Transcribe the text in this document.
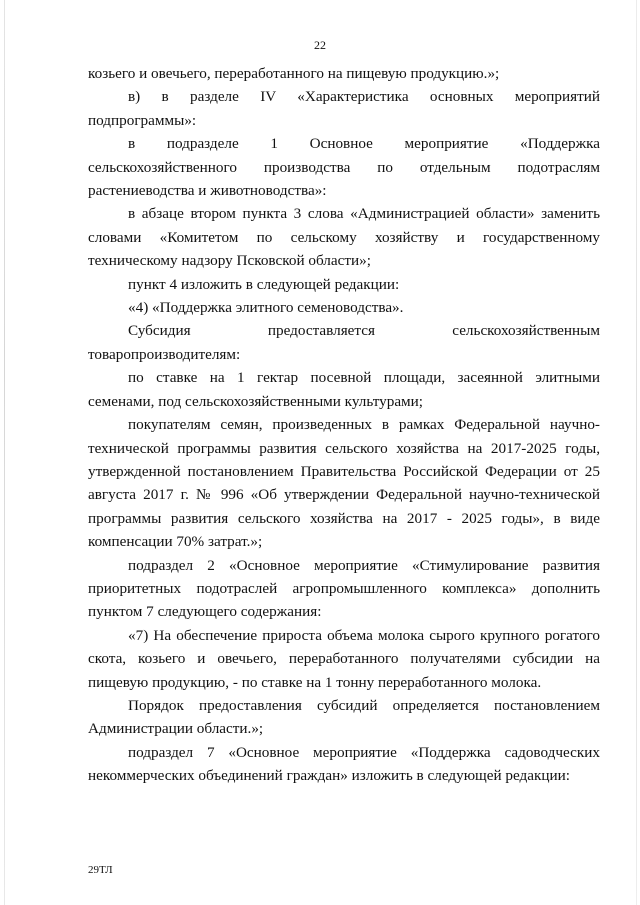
22

козьего и овечьего, переработанного на пищевую продукцию.»;

в) в разделе IV «Характеристика основных мероприятий подпрограммы»:

в подразделе 1 Основное мероприятие «Поддержка сельскохозяйственного производства по отдельным подотраслям растениеводства и животноводства»:

в абзаце втором пункта 3 слова «Администрацией области» заменить словами «Комитетом по сельскому хозяйству и государственному техническому надзору Псковской области»;

пункт 4 изложить в следующей редакции:

«4) «Поддержка элитного семеноводства».

Субсидия предоставляется сельскохозяйственным товаропроизводителям:

по ставке на 1 гектар посевной площади, засеянной элитными семенами, под сельскохозяйственными культурами;

покупателям семян, произведенных в рамках Федеральной научно-технической программы развития сельского хозяйства на 2017-2025 годы, утвержденной постановлением Правительства Российской Федерации от 25 августа 2017 г. № 996 «Об утверждении Федеральной научно-технической программы развития сельского хозяйства на 2017 - 2025 годы», в виде компенсации 70% затрат.»;

подраздел 2 «Основное мероприятие «Стимулирование развития приоритетных подотраслей агропромышленного комплекса» дополнить пунктом 7 следующего содержания:

«7) На обеспечение прироста объема молока сырого крупного рогатого скота, козьего и овечьего, переработанного получателями субсидии на пищевую продукцию, - по ставке на 1 тонну переработанного молока.

Порядок предоставления субсидий определяется постановлением Администрации области.»;

подраздел 7 «Основное мероприятие «Поддержка садоводческих некоммерческих объединений граждан» изложить в следующей редакции:

29ТЛ
